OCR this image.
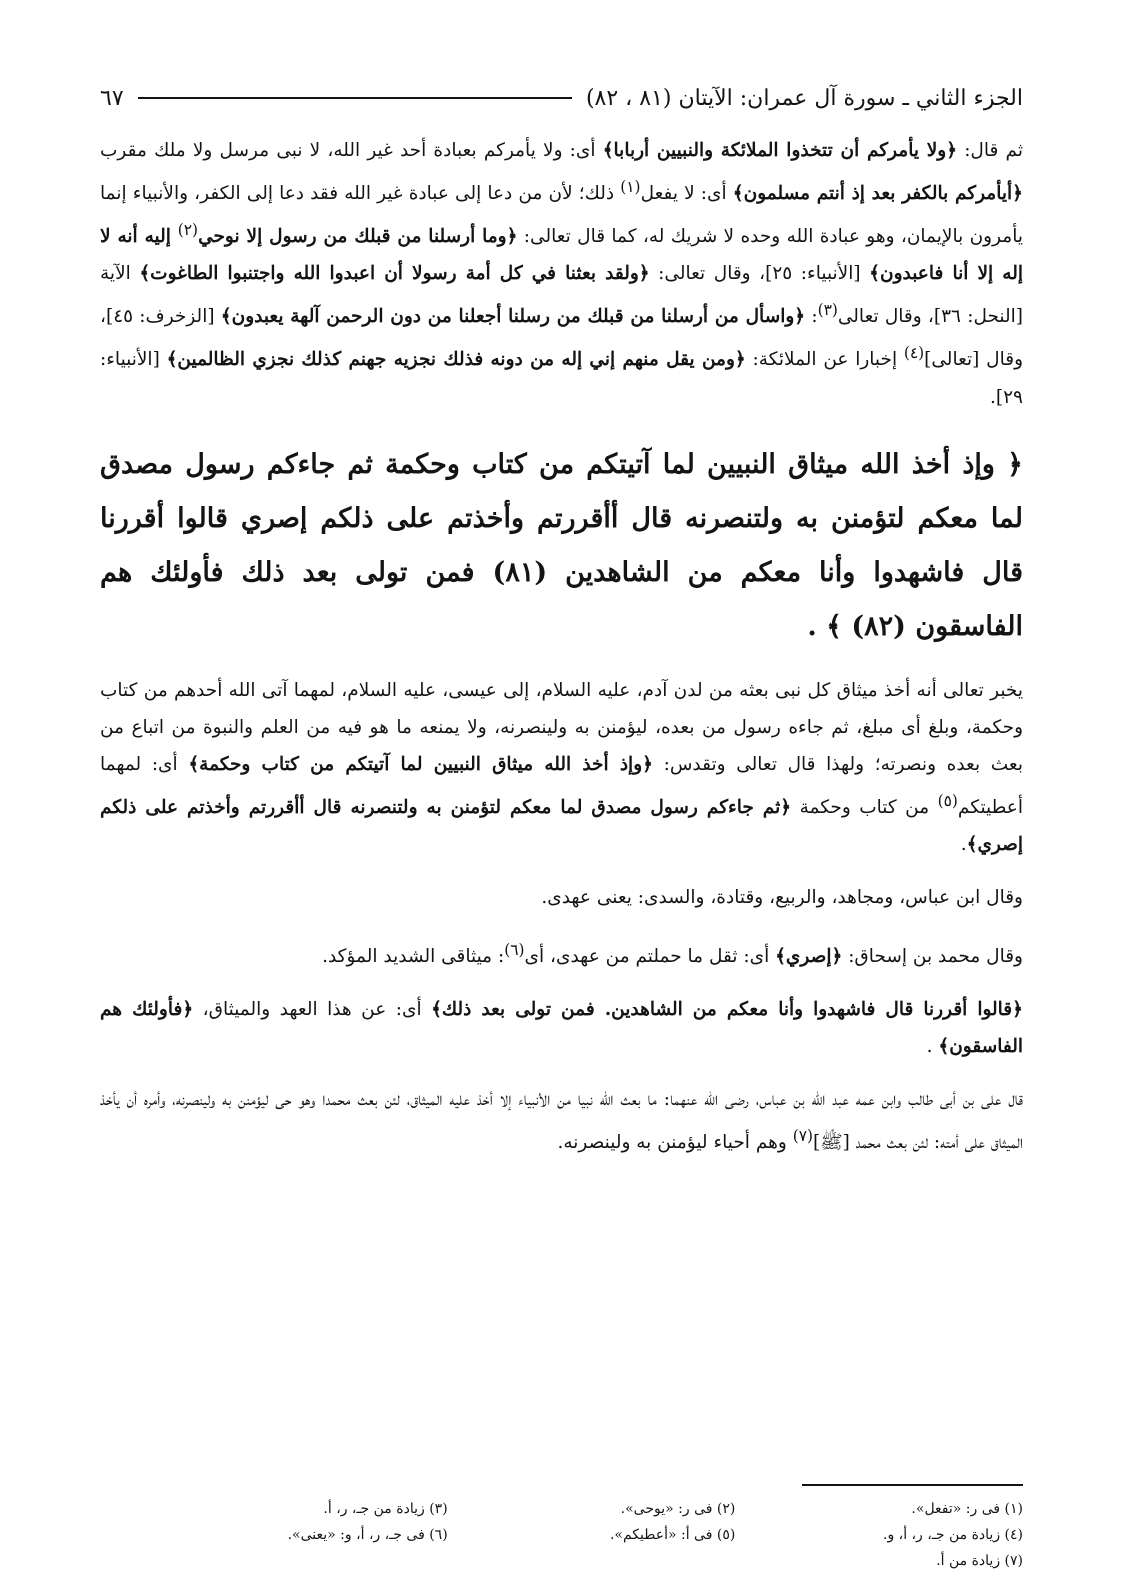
الجزء الثاني ـ سورة آل عمران: الآيتان (٨١ ، ٨٢)
٦٧

ثم قال: ﴿ولا يأمركم أن تتخذوا الملائكة والنبيين أربابا﴾ أى: ولا يأمركم بعبادة أحد غير الله، لا نبى مرسل ولا ملك مقرب ﴿أيأمركم بالكفر بعد إذ أنتم مسلمون﴾ أى: لا يفعل$^{(١)}$ ذلك؛ لأن من دعا إلى عبادة غير الله فقد دعا إلى الكفر، والأنبياء إنما يأمرون بالإيمان، وهو عبادة الله وحده لا شريك له، كما قال تعالى: ﴿وما أرسلنا من قبلك من رسول إلا نوحي$^{(٢)}$ إليه أنه لا إله إلا أنا فاعبدون﴾ [الأنبياء: ٢٥]، وقال تعالى: ﴿ولقد بعثنا في كل أمة رسولا أن اعبدوا الله واجتنبوا الطاغوت﴾ الآية [النحل: ٣٦]، وقال تعالى$^{(٣)}$: ﴿واسأل من أرسلنا من قبلك من رسلنا أجعلنا من دون الرحمن آلهة يعبدون﴾ [الزخرف: ٤٥]، وقال [تعالى]$^{(٤)}$ إخبارا عن الملائكة: ﴿ومن يقل منهم إني إله من دونه فذلك نجزيه جهنم كذلك نجزي الظالمين﴾ [الأنبياء: ٢٩].

﴿ وإذ أخذ الله ميثاق النبيين لما آتيتكم من كتاب وحكمة ثم جاءكم رسول مصدق لما معكم لتؤمنن به ولتنصرنه قال أأقررتم وأخذتم على ذلكم إصري قالوا أقررنا قال فاشهدوا وأنا معكم من الشاهدين (٨١) فمن تولى بعد ذلك فأولئك هم الفاسقون (٨٢) ﴾ .

يخبر تعالى أنه أخذ ميثاق كل نبى بعثه من لدن آدم، عليه السلام، إلى عيسى، عليه السلام، لمهما آتى الله أحدهم من كتاب وحكمة، وبلغ أى مبلغ، ثم جاءه رسول من بعده، ليؤمنن به ولينصرنه، ولا يمنعه ما هو فيه من العلم والنبوة من اتباع من بعث بعده ونصرته؛ ولهذا قال تعالى وتقدس: ﴿وإذ أخذ الله ميثاق النبيين لما آتيتكم من كتاب وحكمة﴾ أى: لمهما أعطيتكم$^{(٥)}$ من كتاب وحكمة ﴿ثم جاءكم رسول مصدق لما معكم لتؤمنن به ولتنصرنه قال أأقررتم وأخذتم على ذلكم إصري﴾.

وقال ابن عباس، ومجاهد، والربيع، وقتادة، والسدى: يعنى عهدى.

وقال محمد بن إسحاق: ﴿إصري﴾ أى: ثقل ما حملتم من عهدى، أى$^{(٦)}$: ميثاقى الشديد المؤكد.

﴿قالوا أقررنا قال فاشهدوا وأنا معكم من الشاهدين. فمن تولى بعد ذلك﴾ أى: عن هذا العهد والميثاق، ﴿فأولئك هم الفاسقون﴾ .

قال على بن أبى طالب وابن عمه عبد الله بن عباس، رضى الله عنهما: ما بعث الله نبيا من الأنبياء إلا أخذ عليه الميثاق، لئن بعث محمدا وهو حى ليؤمنن به ولينصرنه، وأمره أن يأخذ الميثاق على أمته: لئن بعث محمد [ﷺ]$^{(٧)}$ وهم أحياء ليؤمنن به ولينصرنه.

(١) فى ر: «تفعل».
(٢) فى ر: «يوحى».
(٣) زيادة من جـ، ر، أ.
(٤) زيادة من جـ، ر، أ، و.
(٥) فى أ: «أعطيكم».
(٦) فى جـ، ر، أ، و: «يعنى».
(٧) زيادة من أ.
